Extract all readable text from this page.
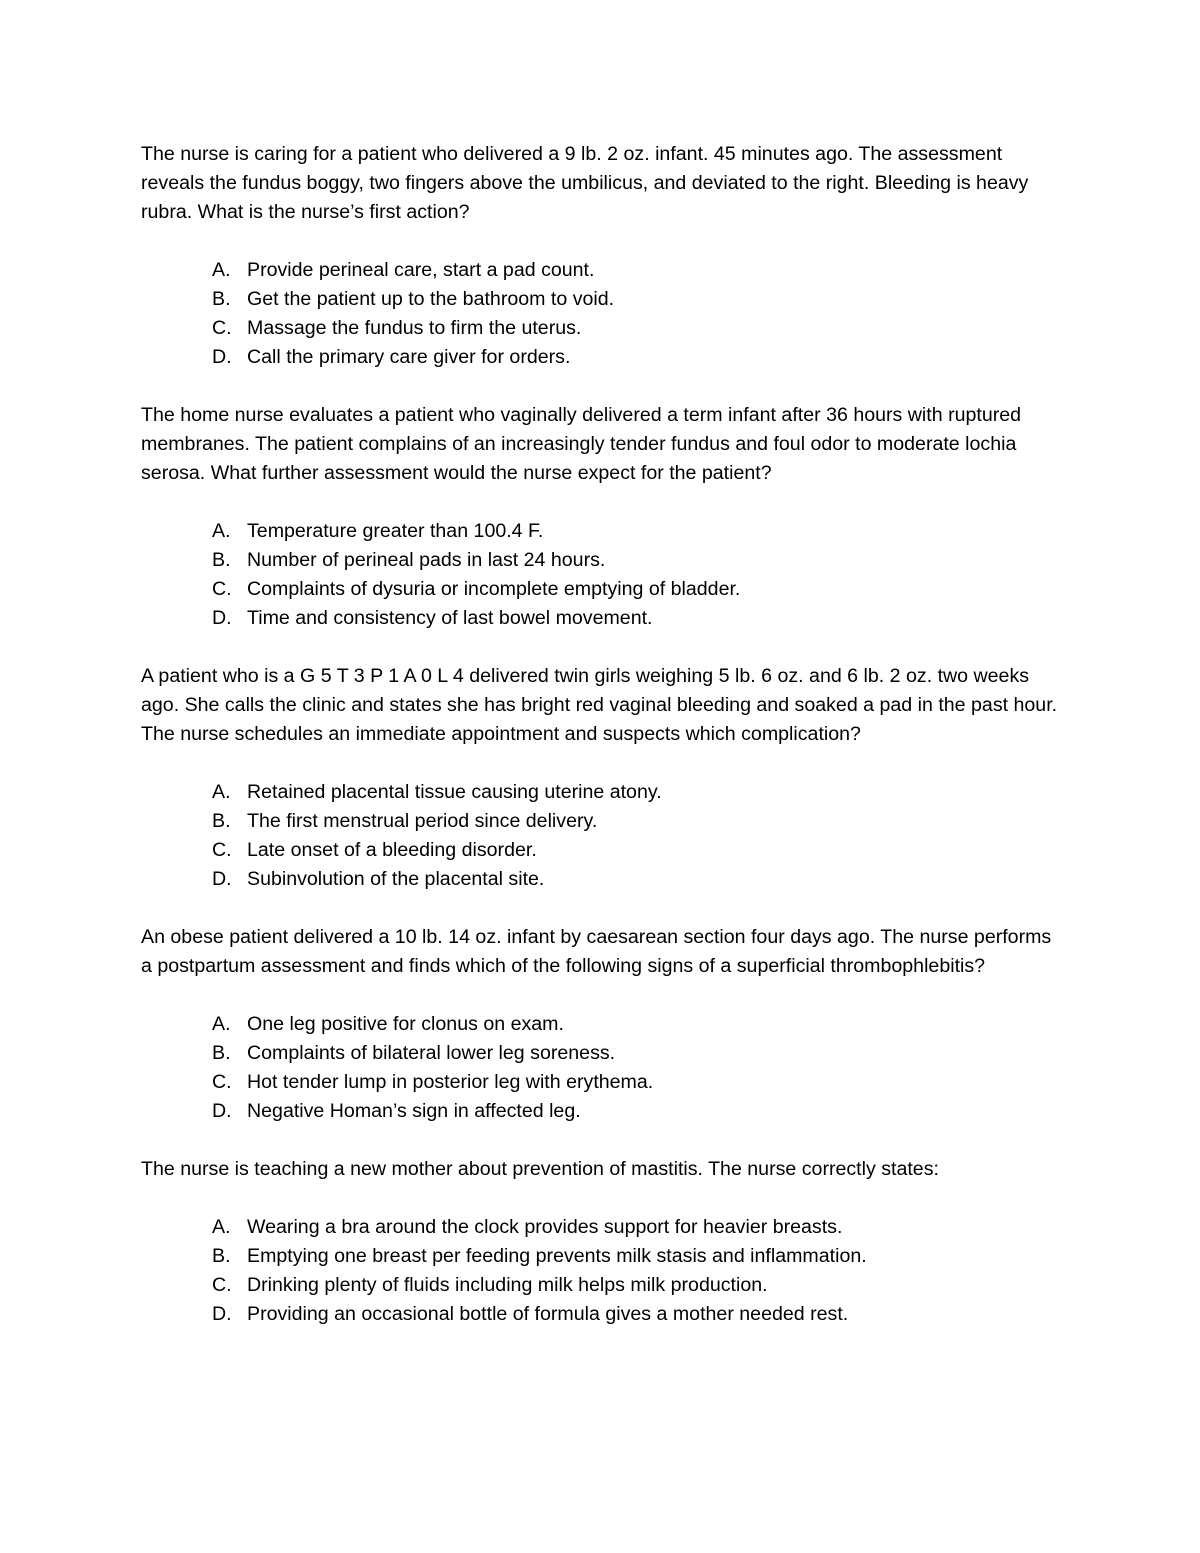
The nurse is caring for a patient who delivered a 9 lb. 2 oz. infant. 45 minutes ago. The assessment reveals the fundus boggy, two fingers above the umbilicus, and deviated to the right. Bleeding is heavy rubra. What is the nurse’s first action?

A. Provide perineal care, start a pad count.
B. Get the patient up to the bathroom to void.
C. Massage the fundus to firm the uterus.
D. Call the primary care giver for orders.

The home nurse evaluates a patient who vaginally delivered a term infant after 36 hours with ruptured membranes. The patient complains of an increasingly tender fundus and foul odor to moderate lochia serosa. What further assessment would the nurse expect for the patient?

A. Temperature greater than 100.4 F.
B. Number of perineal pads in last 24 hours.
C. Complaints of dysuria or incomplete emptying of bladder.
D. Time and consistency of last bowel movement.

A patient who is a G 5 T 3 P 1 A 0 L 4 delivered twin girls weighing 5 lb. 6 oz. and 6 lb. 2 oz. two weeks ago. She calls the clinic and states she has bright red vaginal bleeding and soaked a pad in the past hour. The nurse schedules an immediate appointment and suspects which complication?

A. Retained placental tissue causing uterine atony.
B. The first menstrual period since delivery.
C. Late onset of a bleeding disorder.
D. Subinvolution of the placental site.

An obese patient delivered a 10 lb. 14 oz. infant by caesarean section four days ago. The nurse performs a postpartum assessment and finds which of the following signs of a superficial thrombophlebitis?

A. One leg positive for clonus on exam.
B. Complaints of bilateral lower leg soreness.
C. Hot tender lump in posterior leg with erythema.
D. Negative Homan’s sign in affected leg.

The nurse is teaching a new mother about prevention of mastitis. The nurse correctly states:

A. Wearing a bra around the clock provides support for heavier breasts.
B. Emptying one breast per feeding prevents milk stasis and inflammation.
C. Drinking plenty of fluids including milk helps milk production.
D. Providing an occasional bottle of formula gives a mother needed rest.
